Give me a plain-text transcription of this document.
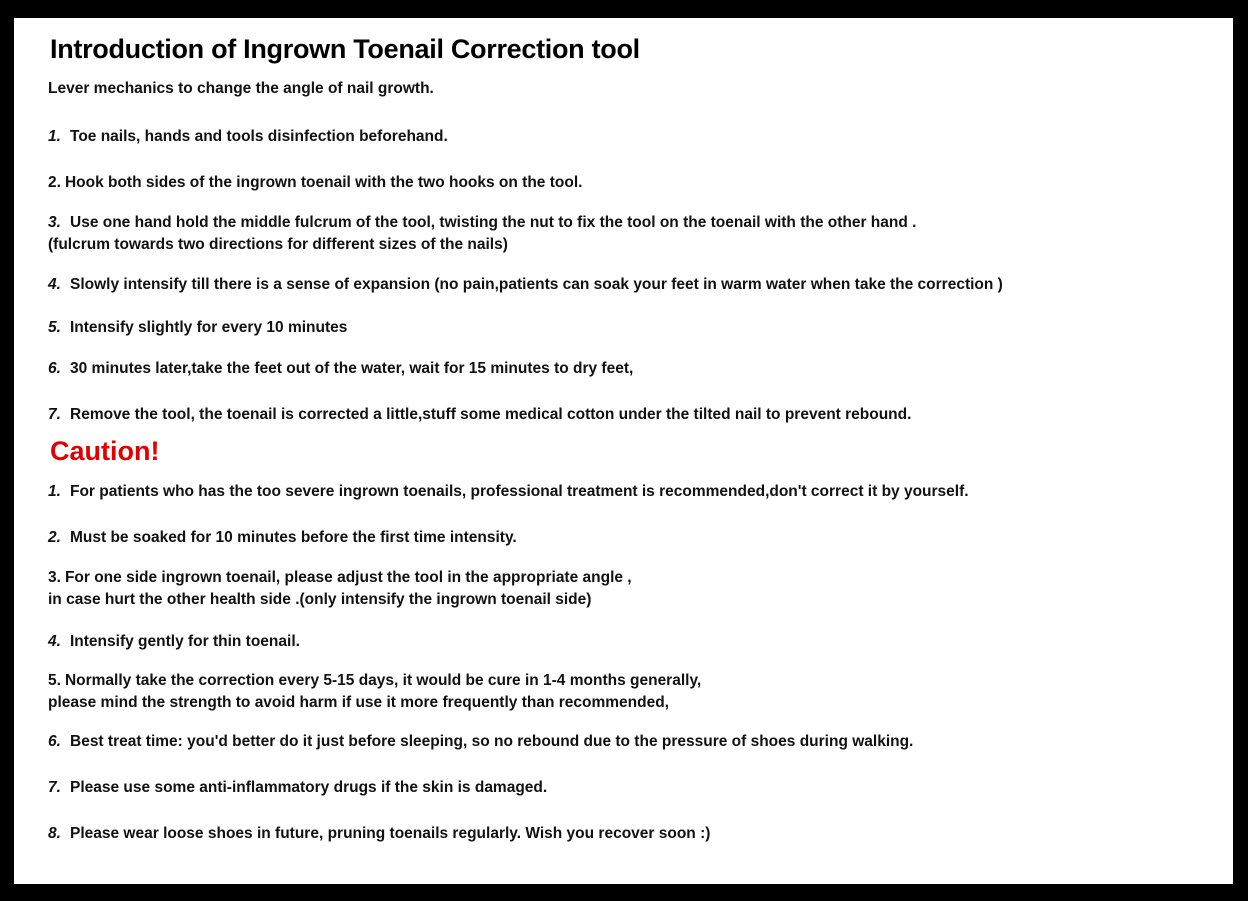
Introduction of Ingrown Toenail Correction tool
Lever mechanics to change the angle of nail growth.
1. Toe nails, hands and tools disinfection beforehand.
2. Hook both sides of the ingrown toenail with the two hooks on the tool.
3. Use one hand hold the middle fulcrum of the tool, twisting the nut to fix the tool on the toenail with the other hand .
(fulcrum towards two directions for different sizes of the nails)
4. Slowly intensify till there is a sense of expansion (no pain,patients can soak your feet in warm water when take the correction )
5. Intensify slightly for every 10 minutes
6. 30 minutes later,take the feet out of the water, wait for 15 minutes to dry feet,
7. Remove the tool, the toenail is corrected a little,stuff some medical cotton under the tilted nail to prevent rebound.
Caution!
1. For patients who has the too severe ingrown toenails, professional treatment is recommended,don't correct it by yourself.
2. Must be soaked for 10 minutes before the first time intensity.
3. For one side ingrown toenail, please adjust the tool in the appropriate angle ,
in case hurt the other health side .(only intensify the ingrown toenail side)
4. Intensify gently for thin toenail.
5. Normally take the correction every 5-15 days, it would be cure in 1-4 months generally,
please mind the strength to avoid harm if use it more frequently than recommended,
6. Best treat time: you'd better do it just before sleeping, so no rebound due to the pressure of shoes during walking.
7. Please use some anti-inflammatory drugs if the skin is damaged.
8. Please wear loose shoes in future, pruning toenails regularly. Wish you recover soon :)
